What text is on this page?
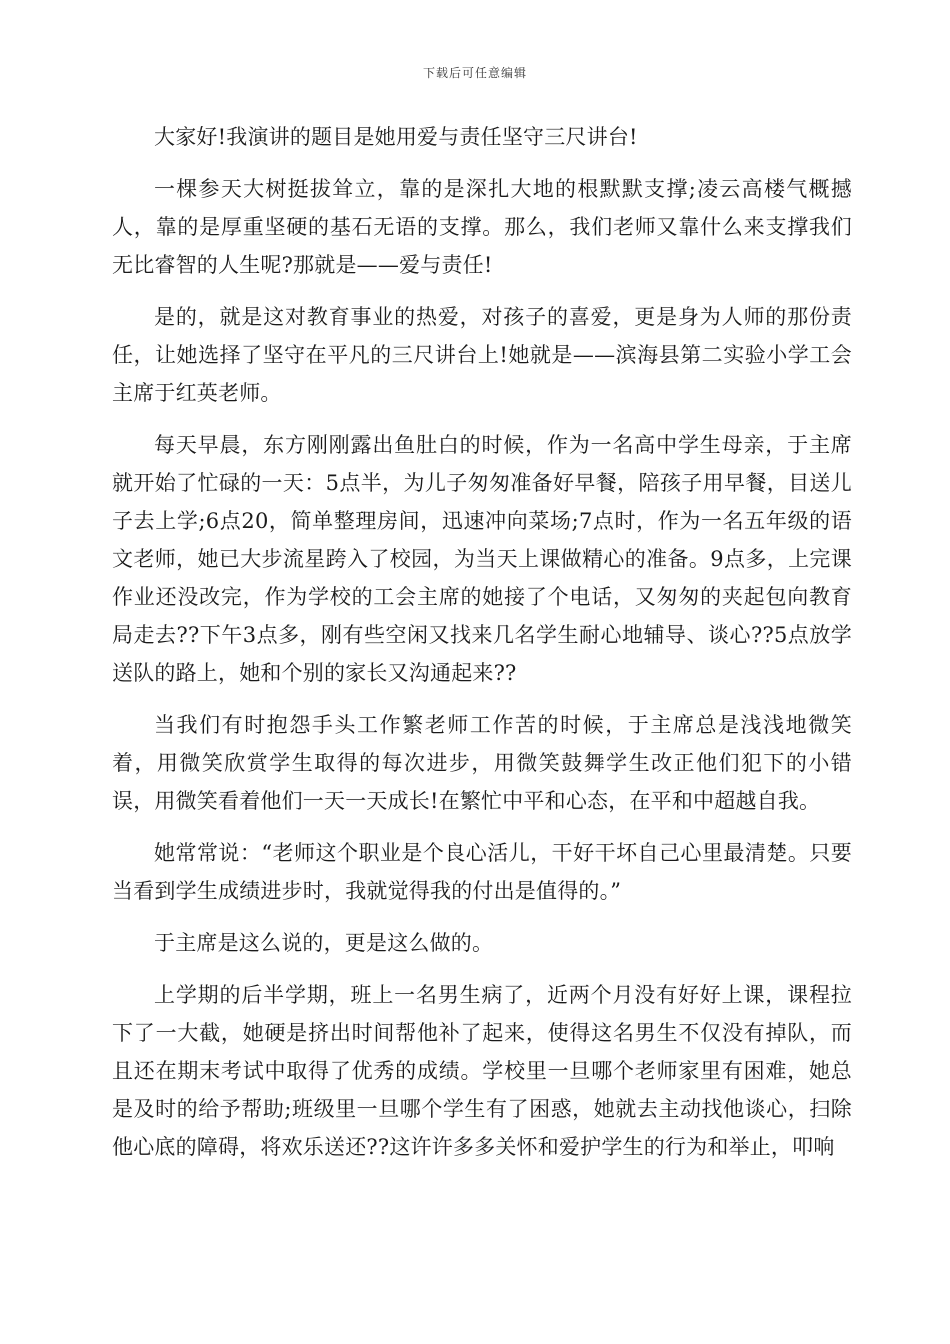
下载后可任意编辑

大家好!我演讲的题目是她用爱与责任坚守三尺讲台!

一棵参天大树挺拔耸立，靠的是深扎大地的根默默支撑;凌云高楼气概撼人，靠的是厚重坚硬的基石无语的支撑。那么，我们老师又靠什么来支撑我们无比睿智的人生呢?那就是——爱与责任!

是的，就是这对教育事业的热爱，对孩子的喜爱，更是身为人师的那份责任，让她选择了坚守在平凡的三尺讲台上!她就是——滨海县第二实验小学工会主席于红英老师。

每天早晨，东方刚刚露出鱼肚白的时候，作为一名高中学生母亲，于主席就开始了忙碌的一天：5点半，为儿子匆匆准备好早餐，陪孩子用早餐，目送儿子去上学;6点20，简单整理房间，迅速冲向菜场;7点时，作为一名五年级的语文老师，她已大步流星跨入了校园，为当天上课做精心的准备。9点多，上完课作业还没改完，作为学校的工会主席的她接了个电话，又匆匆的夹起包向教育局走去??下午3点多，刚有些空闲又找来几名学生耐心地辅导、谈心??5点放学送队的路上，她和个别的家长又沟通起来??

当我们有时抱怨手头工作繁老师工作苦的时候，于主席总是浅浅地微笑着，用微笑欣赏学生取得的每次进步，用微笑鼓舞学生改正他们犯下的小错误，用微笑看着他们一天一天成长!在繁忙中平和心态，在平和中超越自我。

她常常说：“老师这个职业是个良心活儿，干好干坏自己心里最清楚。只要当看到学生成绩进步时，我就觉得我的付出是值得的。”

于主席是这么说的，更是这么做的。

上学期的后半学期，班上一名男生病了，近两个月没有好好上课，课程拉下了一大截，她硬是挤出时间帮他补了起来，使得这名男生不仅没有掉队，而且还在期末考试中取得了优秀的成绩。学校里一旦哪个老师家里有困难，她总是及时的给予帮助;班级里一旦哪个学生有了困惑，她就去主动找他谈心，扫除他心底的障碍，将欢乐送还??这许许多多关怀和爱护学生的行为和举止，叩响
